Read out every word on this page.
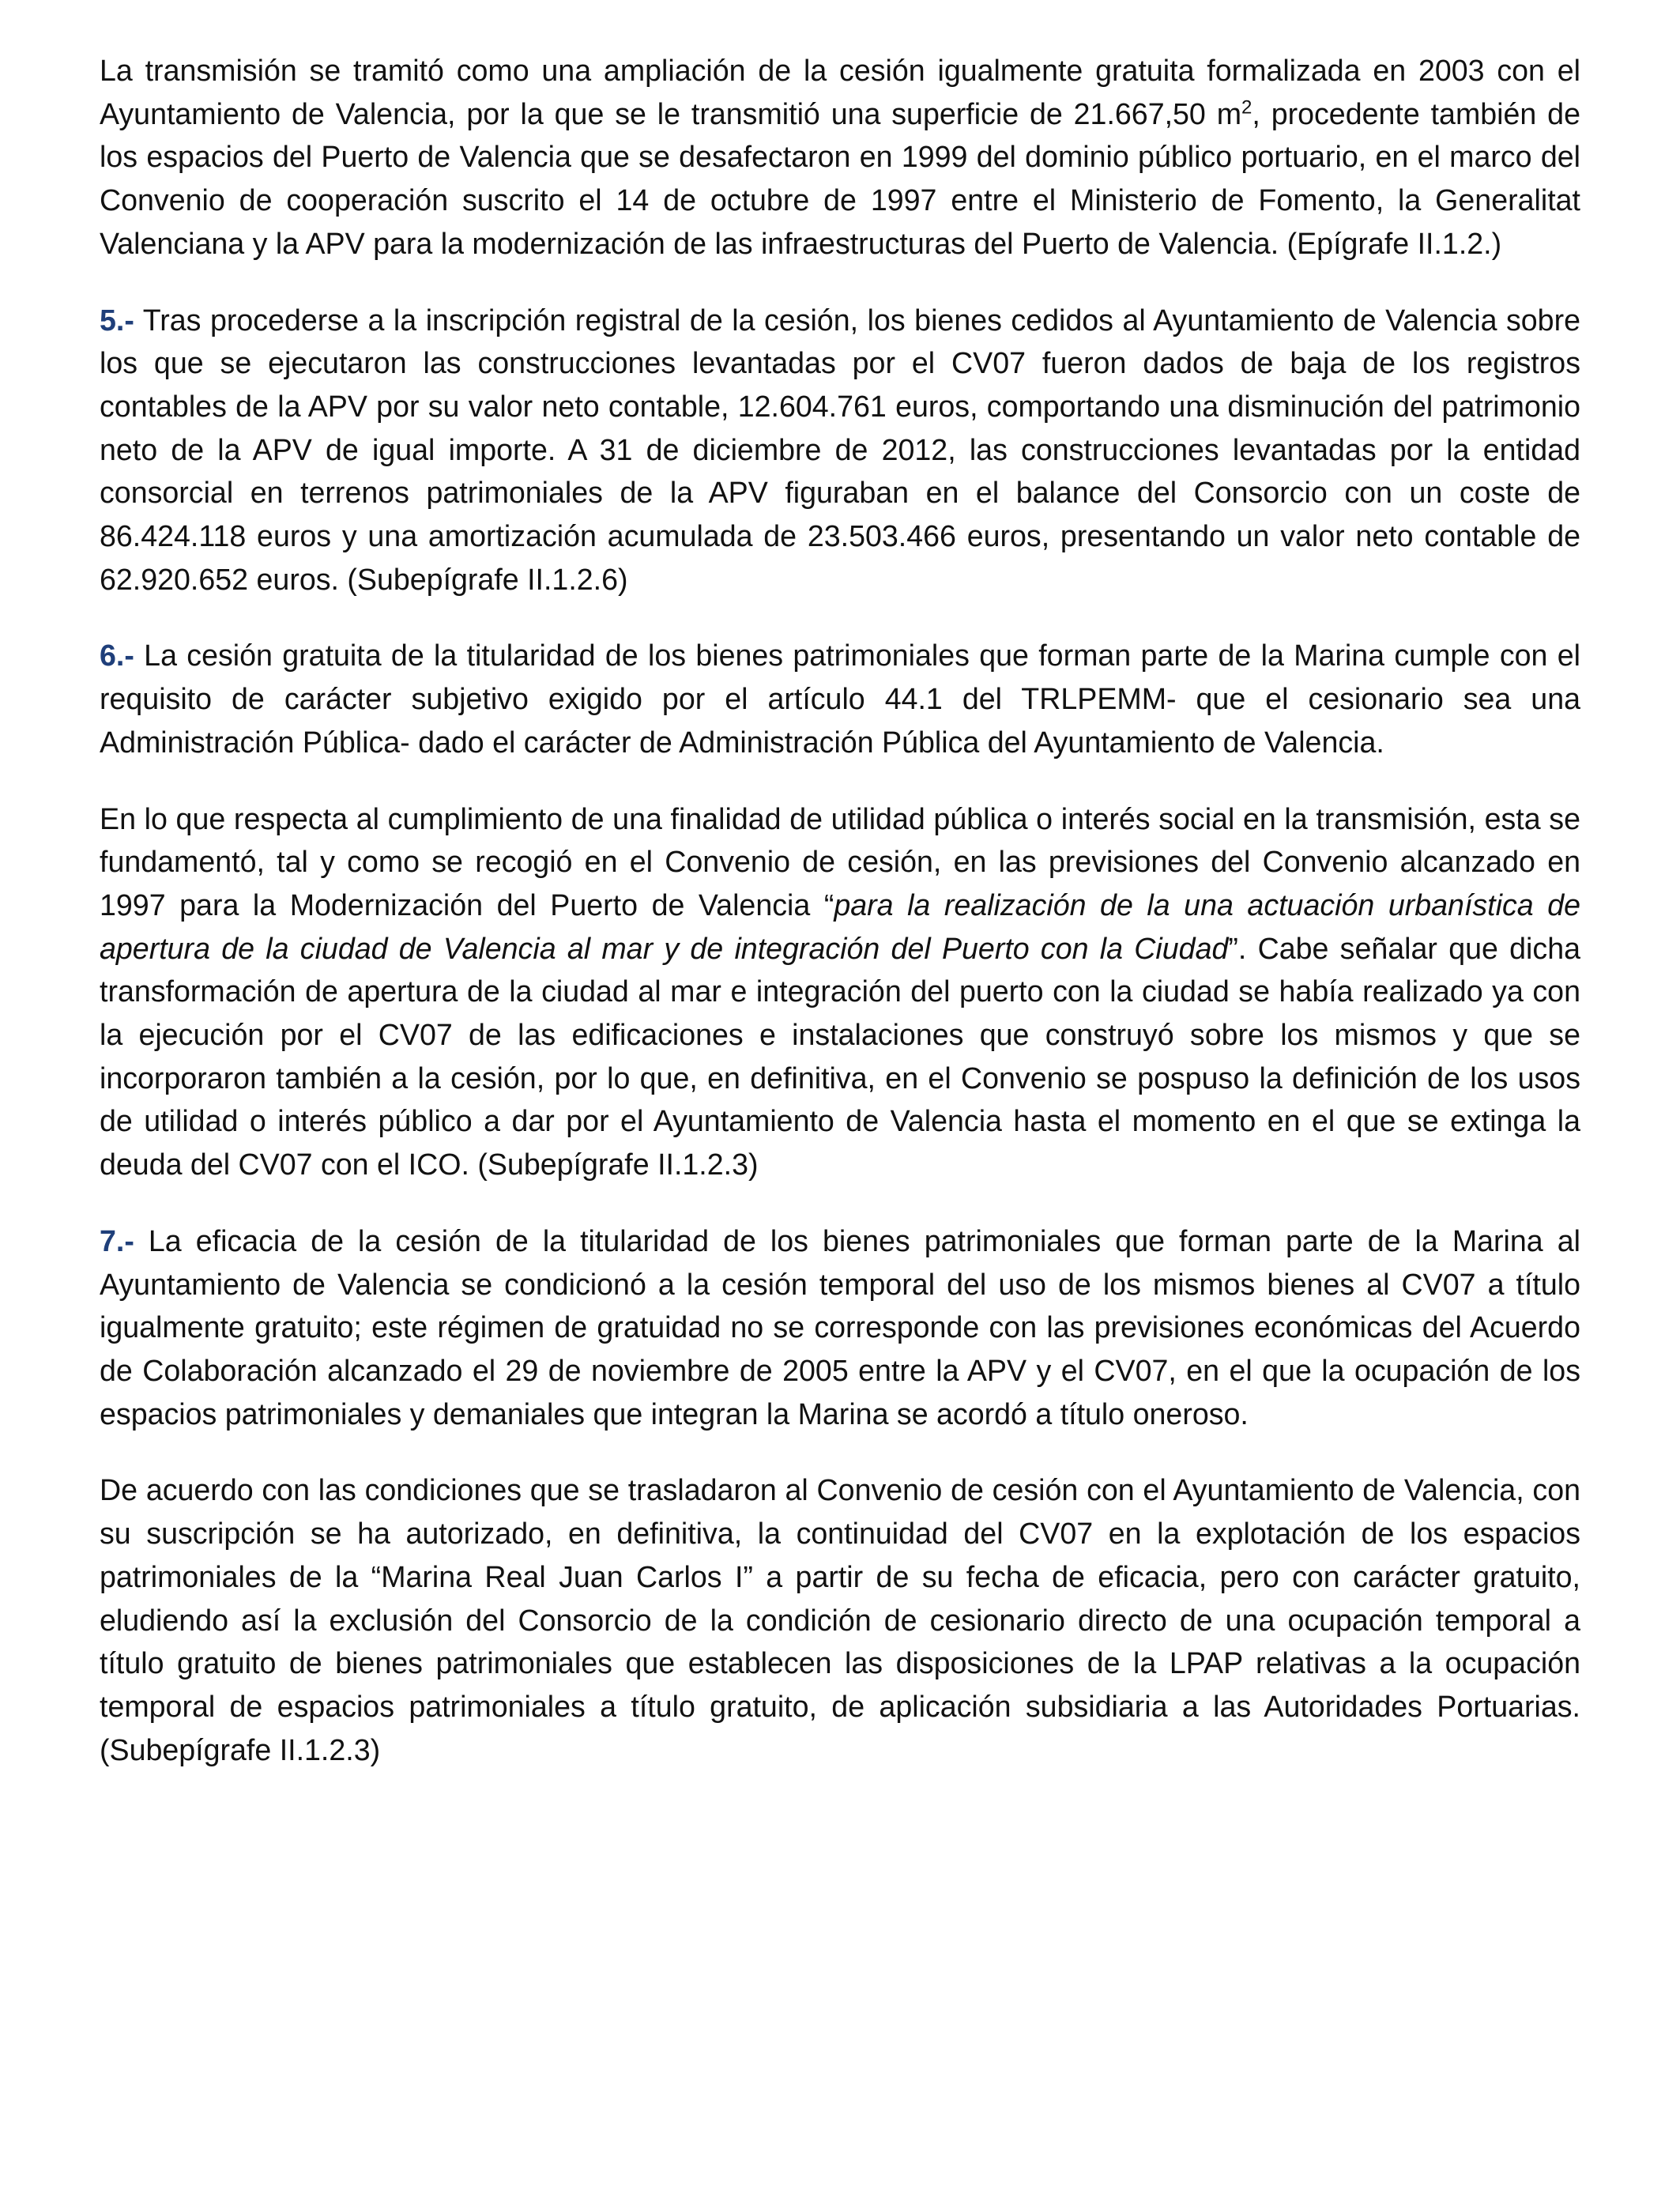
La transmisión se tramitó como una ampliación de la cesión igualmente gratuita formalizada en 2003 con el Ayuntamiento de Valencia, por la que se le transmitió una superficie de 21.667,50 $m^2$, procedente también de los espacios del Puerto de Valencia que se desafectaron en 1999 del dominio público portuario, en el marco del Convenio de cooperación suscrito el 14 de octubre de 1997 entre el Ministerio de Fomento, la Generalitat Valenciana y la APV para la modernización de las infraestructuras del Puerto de Valencia. (Epígrafe II.1.2.)

5.- Tras procederse a la inscripción registral de la cesión, los bienes cedidos al Ayuntamiento de Valencia sobre los que se ejecutaron las construcciones levantadas por el CV07 fueron dados de baja de los registros contables de la APV por su valor neto contable, 12.604.761 euros, comportando una disminución del patrimonio neto de la APV de igual importe. A 31 de diciembre de 2012, las construcciones levantadas por la entidad consorcial en terrenos patrimoniales de la APV figuraban en el balance del Consorcio con un coste de 86.424.118 euros y una amortización acumulada de 23.503.466 euros, presentando un valor neto contable de 62.920.652 euros. (Subepígrafe II.1.2.6)

6.- La cesión gratuita de la titularidad de los bienes patrimoniales que forman parte de la Marina cumple con el requisito de carácter subjetivo exigido por el artículo 44.1 del TRLPEMM- que el cesionario sea una Administración Pública- dado el carácter de Administración Pública del Ayuntamiento de Valencia.

En lo que respecta al cumplimiento de una finalidad de utilidad pública o interés social en la transmisión, esta se fundamentó, tal y como se recogió en el Convenio de cesión, en las previsiones del Convenio alcanzado en 1997 para la Modernización del Puerto de Valencia “para la realización de la una actuación urbanística de apertura de la ciudad de Valencia al mar y de integración del Puerto con la Ciudad”. Cabe señalar que dicha transformación de apertura de la ciudad al mar e integración del puerto con la ciudad se había realizado ya con la ejecución por el CV07 de las edificaciones e instalaciones que construyó sobre los mismos y que se incorporaron también a la cesión, por lo que, en definitiva, en el Convenio se pospuso la definición de los usos de utilidad o interés público a dar por el Ayuntamiento de Valencia hasta el momento en el que se extinga la deuda del CV07 con el ICO. (Subepígrafe II.1.2.3)

7.- La eficacia de la cesión de la titularidad de los bienes patrimoniales que forman parte de la Marina al Ayuntamiento de Valencia se condicionó a la cesión temporal del uso de los mismos bienes al CV07 a título igualmente gratuito; este régimen de gratuidad no se corresponde con las previsiones económicas del Acuerdo de Colaboración alcanzado el 29 de noviembre de 2005 entre la APV y el CV07, en el que la ocupación de los espacios patrimoniales y demaniales que integran la Marina se acordó a título oneroso.

De acuerdo con las condiciones que se trasladaron al Convenio de cesión con el Ayuntamiento de Valencia, con su suscripción se ha autorizado, en definitiva, la continuidad del CV07 en la explotación de los espacios patrimoniales de la “Marina Real Juan Carlos I” a partir de su fecha de eficacia, pero con carácter gratuito, eludiendo así la exclusión del Consorcio de la condición de cesionario directo de una ocupación temporal a título gratuito de bienes patrimoniales que establecen las disposiciones de la LPAP relativas a la ocupación temporal de espacios patrimoniales a título gratuito, de aplicación subsidiaria a las Autoridades Portuarias. (Subepígrafe II.1.2.3)
